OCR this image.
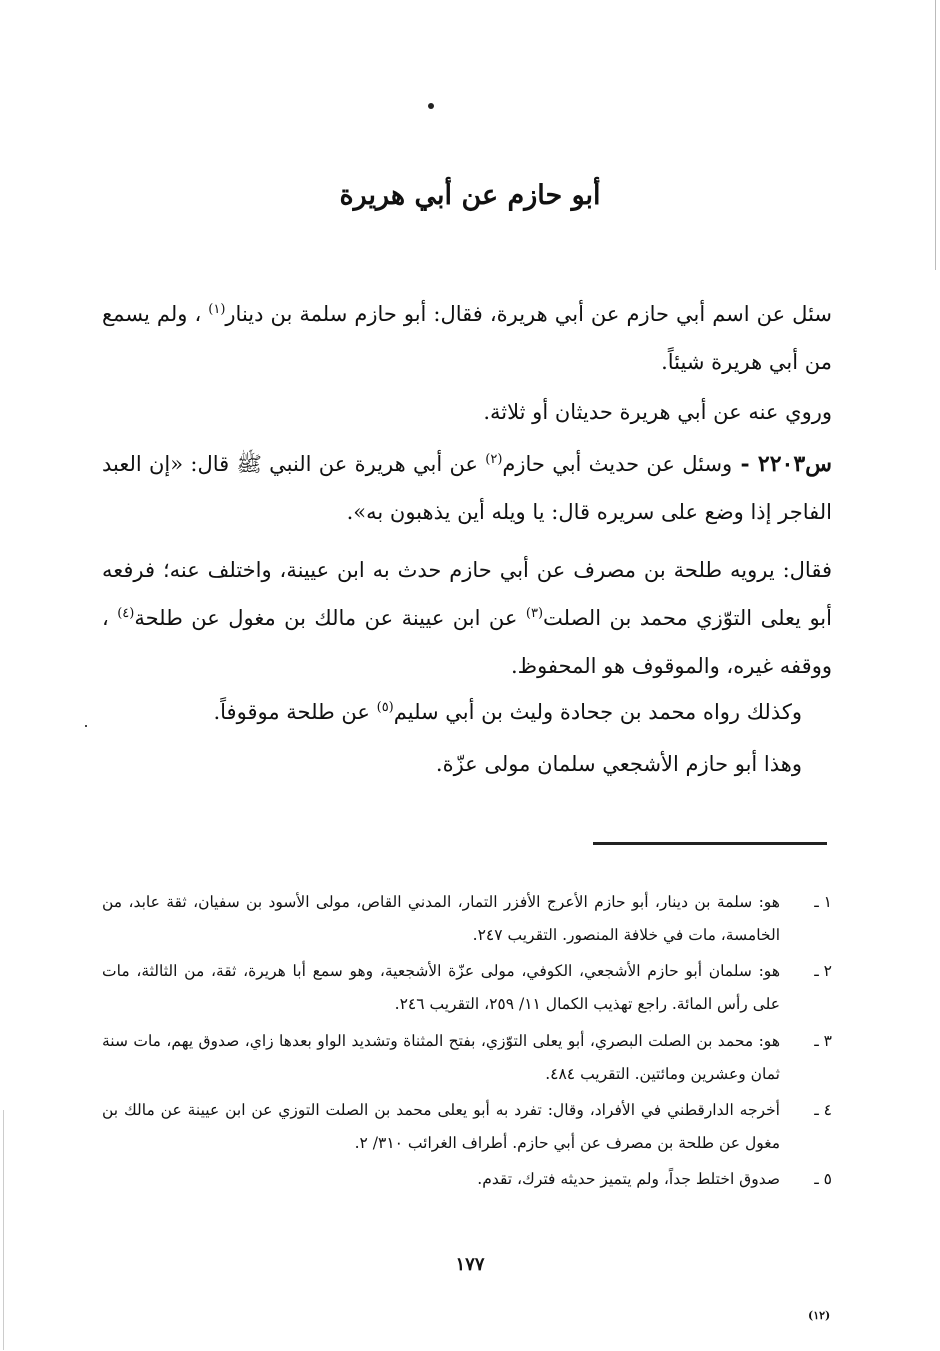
أبو حازم عن أبي هريرة

سئل عن اسم أبي حازم عن أبي هريرة، فقال: أبو حازم سلمة بن دينار$^{(١)}$ ، ولم يسمع من أبي هريرة شيئاً.

وروي عنه عن أبي هريرة حديثان أو ثلاثة.

س٢٢٠٣ - وسئل عن حديث أبي حازم$^{(٢)}$ عن أبي هريرة عن النبي ﷺ قال: «إن العبد الفاجر إذا وضع على سريره قال: يا ويله أين يذهبون به».

فقال: يرويه طلحة بن مصرف عن أبي حازم حدث به ابن عيينة، واختلف عنه؛ فرفعه أبو يعلى التوّزي محمد بن الصلت$^{(٣)}$ عن ابن عيينة عن مالك بن مغول عن طلحة$^{(٤)}$ ، ووقفه غيره، والموقوف هو المحفوظ.

وكذلك رواه محمد بن جحادة وليث بن أبي سليم$^{(٥)}$ عن طلحة موقوفاً.

وهذا أبو حازم الأشجعي سلمان مولى عزّة.

١ ـ
هو: سلمة بن دينار، أبو حازم الأعرج الأفزر التمار، المدني القاص، مولى الأسود بن سفيان، ثقة عابد، من الخامسة، مات في خلافة المنصور. التقريب ٢٤٧.
٢ ـ
هو: سلمان أبو حازم الأشجعي، الكوفي، مولى عزّة الأشجعية، وهو سمع أبا هريرة، ثقة، من الثالثة، مات على رأس المائة. راجع تهذيب الكمال ١١/ ٢٥٩، التقريب ٢٤٦.
٣ ـ
هو: محمد بن الصلت البصري، أبو يعلى التوّزي، بفتح المثناة وتشديد الواو بعدها زاي، صدوق يهم، مات سنة ثمان وعشرين ومائتين. التقريب ٤٨٤.
٤ ـ
أخرجه الدارقطني في الأفراد، وقال: تفرد به أبو يعلى محمد بن الصلت التوزي عن ابن عيينة عن مالك بن مغول عن طلحة بن مصرف عن أبي حازم. أطراف الغرائب ٣١٠/ ٢.
٥ ـ
صدوق اختلط جداً، ولم يتميز حديثه فترك، تقدم.
١٧٧
(١٢)
